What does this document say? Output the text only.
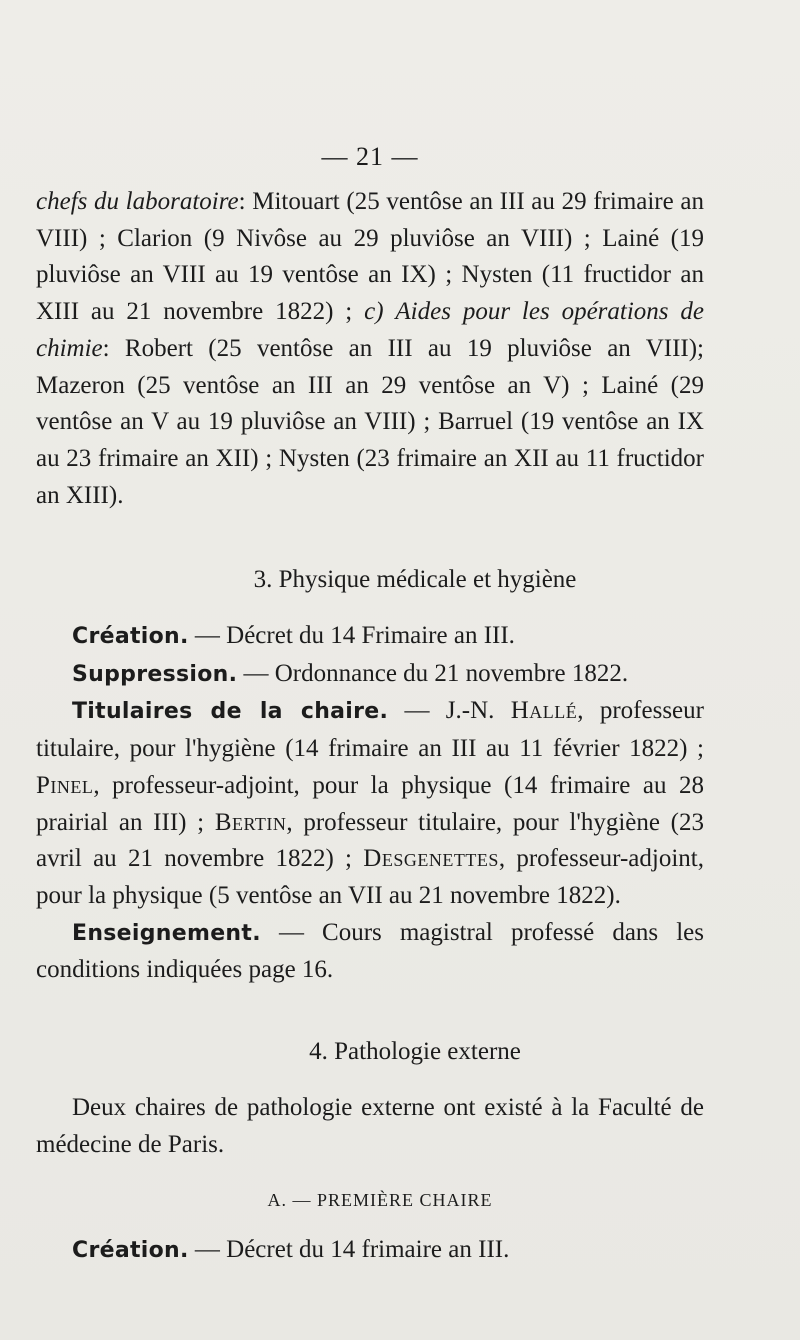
— 21 —

chefs du laboratoire: Mitouart (25 ventôse an III au 29 frimaire an VIII) ; Clarion (9 Nivôse au 29 pluviôse an VIII) ; Lainé (19 pluviôse an VIII au 19 ventôse an IX) ; Nysten (11 fructidor an XIII au 21 novembre 1822) ; c) Aides pour les opérations de chimie: Robert (25 ventôse an III au 19 pluviôse an VIII); Mazeron (25 ventôse an III an 29 ventôse an V) ; Lainé (29 ventôse an V au 19 pluviôse an VIII) ; Barruel (19 ventôse an IX au 23 frimaire an XII) ; Nysten (23 frimaire an XII au 11 fructidor an XIII).

3. Physique médicale et hygiène

Création. — Décret du 14 Frimaire an III.

Suppression. — Ordonnance du 21 novembre 1822.

Titulaires de la chaire. — J.-N. Hallé, professeur titulaire, pour l'hygiène (14 frimaire an III au 11 février 1822) ; Pinel, professeur-adjoint, pour la physique (14 frimaire au 28 prairial an III) ; Bertin, professeur titulaire, pour l'hygiène (23 avril au 21 novembre 1822) ; Desgenettes, professeur-adjoint, pour la physique (5 ventôse an VII au 21 novembre 1822).

Enseignement. — Cours magistral professé dans les conditions indiquées page 16.

4. Pathologie externe

Deux chaires de pathologie externe ont existé à la Faculté de médecine de Paris.

A. — PREMIÈRE CHAIRE

Création. — Décret du 14 frimaire an III.
